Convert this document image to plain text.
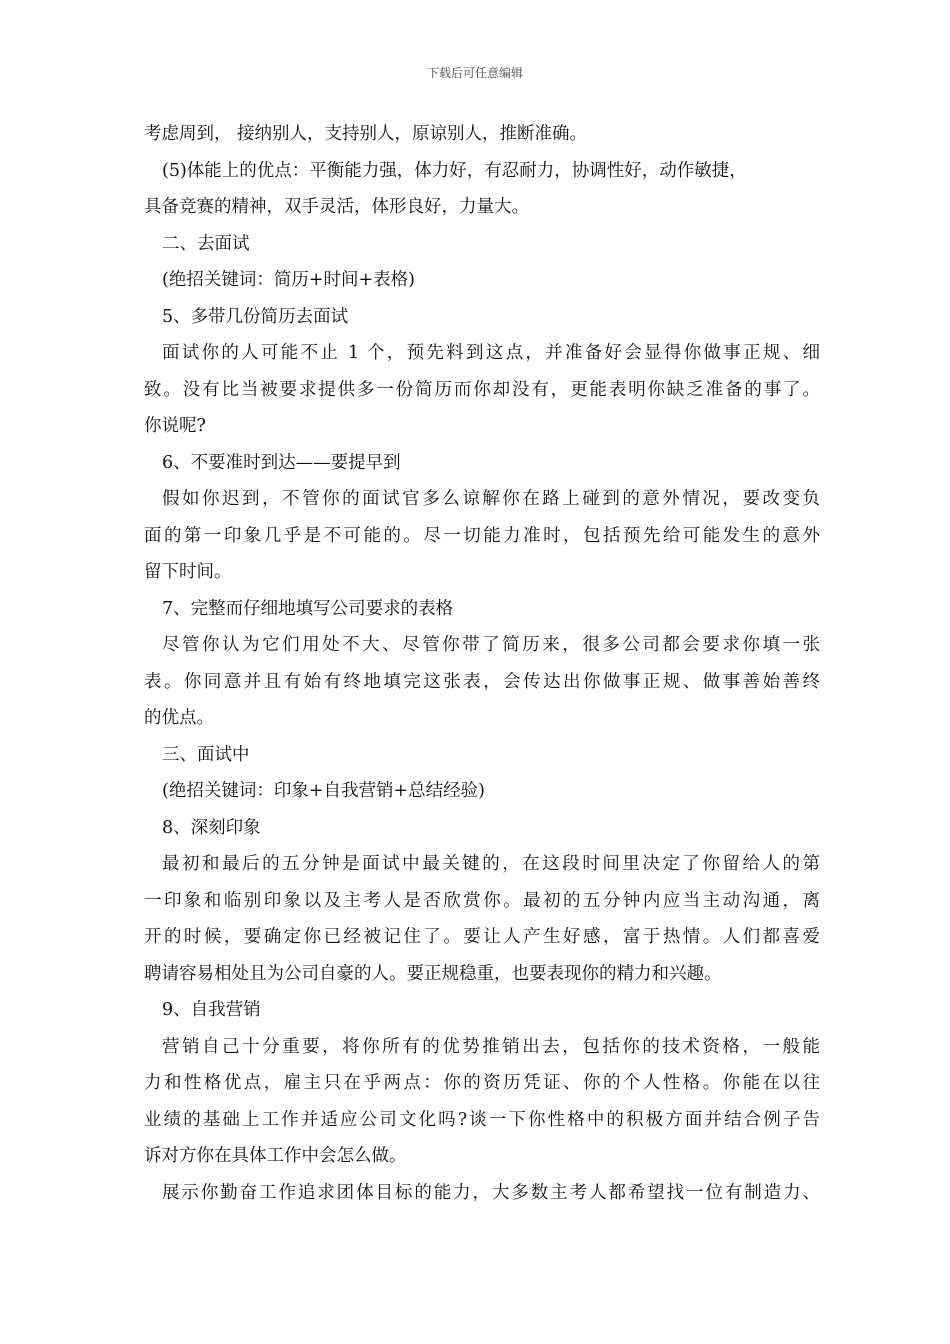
下载后可任意编辑
考虑周到， 接纳别人，支持别人，原谅别人，推断准确。
(5)体能上的优点：平衡能力强，体力好，有忍耐力，协调性好，动作敏捷，
具备竞赛的精神，双手灵活，体形良好，力量大。
二、去面试
(绝招关键词：简历+时间+表格)
5、多带几份简历去面试
面试你的人可能不止 1 个，预先料到这点，并准备好会显得你做事正规、细
致。没有比当被要求提供多一份简历而你却没有，更能表明你缺乏准备的事了。
你说呢?
6、不要准时到达——要提早到
假如你迟到，不管你的面试官多么谅解你在路上碰到的意外情况，要改变负
面的第一印象几乎是不可能的。尽一切能力准时，包括预先给可能发生的意外
留下时间。
7、完整而仔细地填写公司要求的表格
尽管你认为它们用处不大、尽管你带了简历来，很多公司都会要求你填一张
表。你同意并且有始有终地填完这张表，会传达出你做事正规、做事善始善终
的优点。
三、面试中
(绝招关键词：印象+自我营销+总结经验)
8、深刻印象
最初和最后的五分钟是面试中最关键的，在这段时间里决定了你留给人的第
一印象和临别印象以及主考人是否欣赏你。最初的五分钟内应当主动沟通，离
开的时候，要确定你已经被记住了。要让人产生好感，富于热情。人们都喜爱
聘请容易相处且为公司自豪的人。要正规稳重，也要表现你的精力和兴趣。
9、自我营销
营销自己十分重要，将你所有的优势推销出去，包括你的技术资格，一般能
力和性格优点，雇主只在乎两点：你的资历凭证、你的个人性格。你能在以往
业绩的基础上工作并适应公司文化吗?谈一下你性格中的积极方面并结合例子告
诉对方你在具体工作中会怎么做。
展示你勤奋工作追求团体目标的能力，大多数主考人都希望找一位有制造力、
